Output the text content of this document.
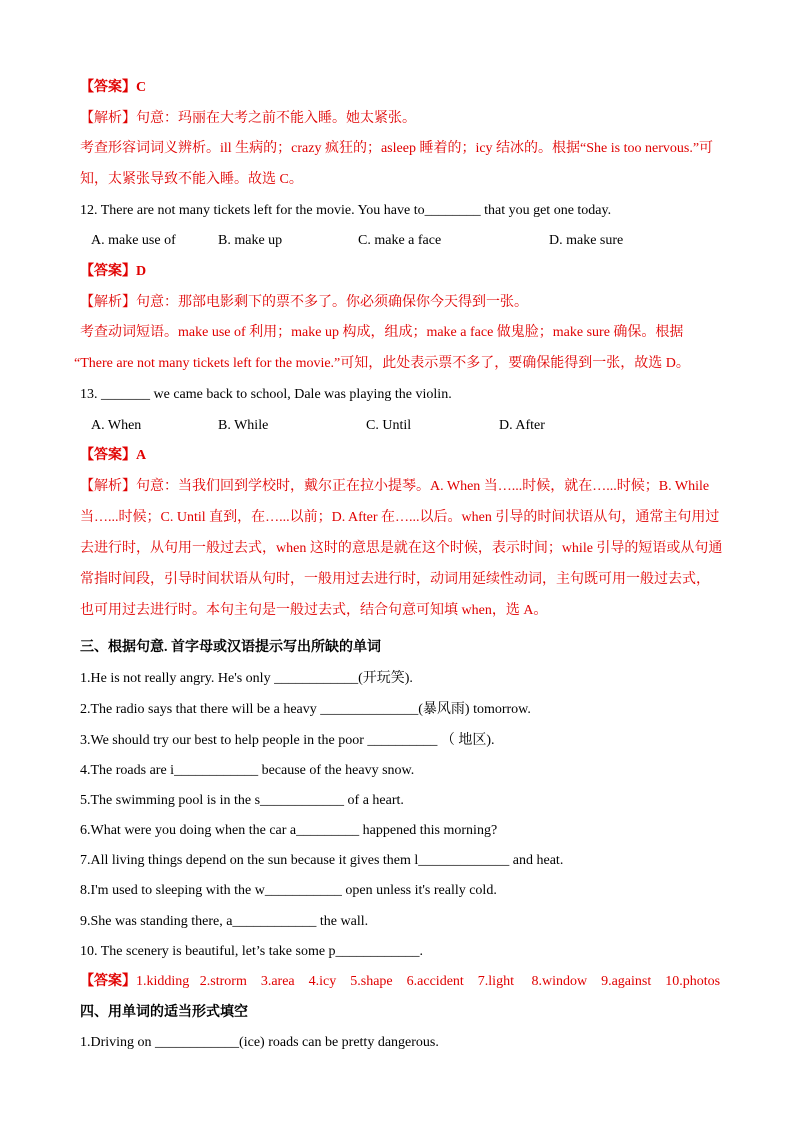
【答案】C
【解析】句意：玛丽在大考之前不能入睡。她太紧张。
考查形容词词义辨析。ill 生病的；crazy 疯狂的；asleep 睡着的；icy 结冰的。根据“She is too nervous.”可
知，太紧张导致不能入睡。故选 C。
12. There are not many tickets left for the movie. You have to________ that you get one today.
A. make use of	B. make up	C. make a face	D. make sure
【答案】D
【解析】句意：那部电影剩下的票不多了。你必须确保你今天得到一张。
考查动词短语。make use of 利用；make up 构成，组成；make a face 做鬼脸；make sure 确保。根据
“There are not many tickets left for the movie.”可知，此处表示票不多了，要确保能得到一张，故选 D。
13. _______ we came back to school, Dale was playing the violin.
A. When	B. While	C. Until	D. After
【答案】A
【解析】句意：当我们回到学校时，戴尔正在拉小提琴。A. When 当…...时候，就在…...时候；B. While
当…...时候；C. Until 直到，在…...以前；D. After 在…...以后。when 引导的时间状语从句，通常主句用过
去进行时，从句用一般过去式，when 这时的意思是就在这个时候，表示时间；while 引导的短语或从句通
常指时间段，引导时间状语从句时，一般用过去进行时，动词用延续性动词，主句既可用一般过去式，
也可用过去进行时。本句主句是一般过去式，结合句意可知填 when，选 A。
三、根据句意. 首字母或汉语提示写出所缺的单词
1.He is not really angry. He's only ____________(开玩笑).
2.The radio says that there will be a heavy ______________(暴风雨) tomorrow.
3.We should try our best to help people in the poor __________ （ 地区).
4.The roads are i____________ because of the heavy snow.
5.The swimming pool is in the s____________ of a heart.
6.What were you doing when the car a_________ happened this morning?
7.All living things depend on the sun because it gives them l_____________ and heat.
8.I'm used to sleeping with the w___________ open unless it's really cold.
9.She was standing there, a____________ the wall.
10. The scenery is beautiful, let’s take some p____________.
【答案】1.kidding 2.strorm 3.area 4.icy 5.shape 6.accident 7.light 8.window 9.against 10.photos
四、用单词的适当形式填空
1.Driving on ____________(ice) roads can be pretty dangerous.
